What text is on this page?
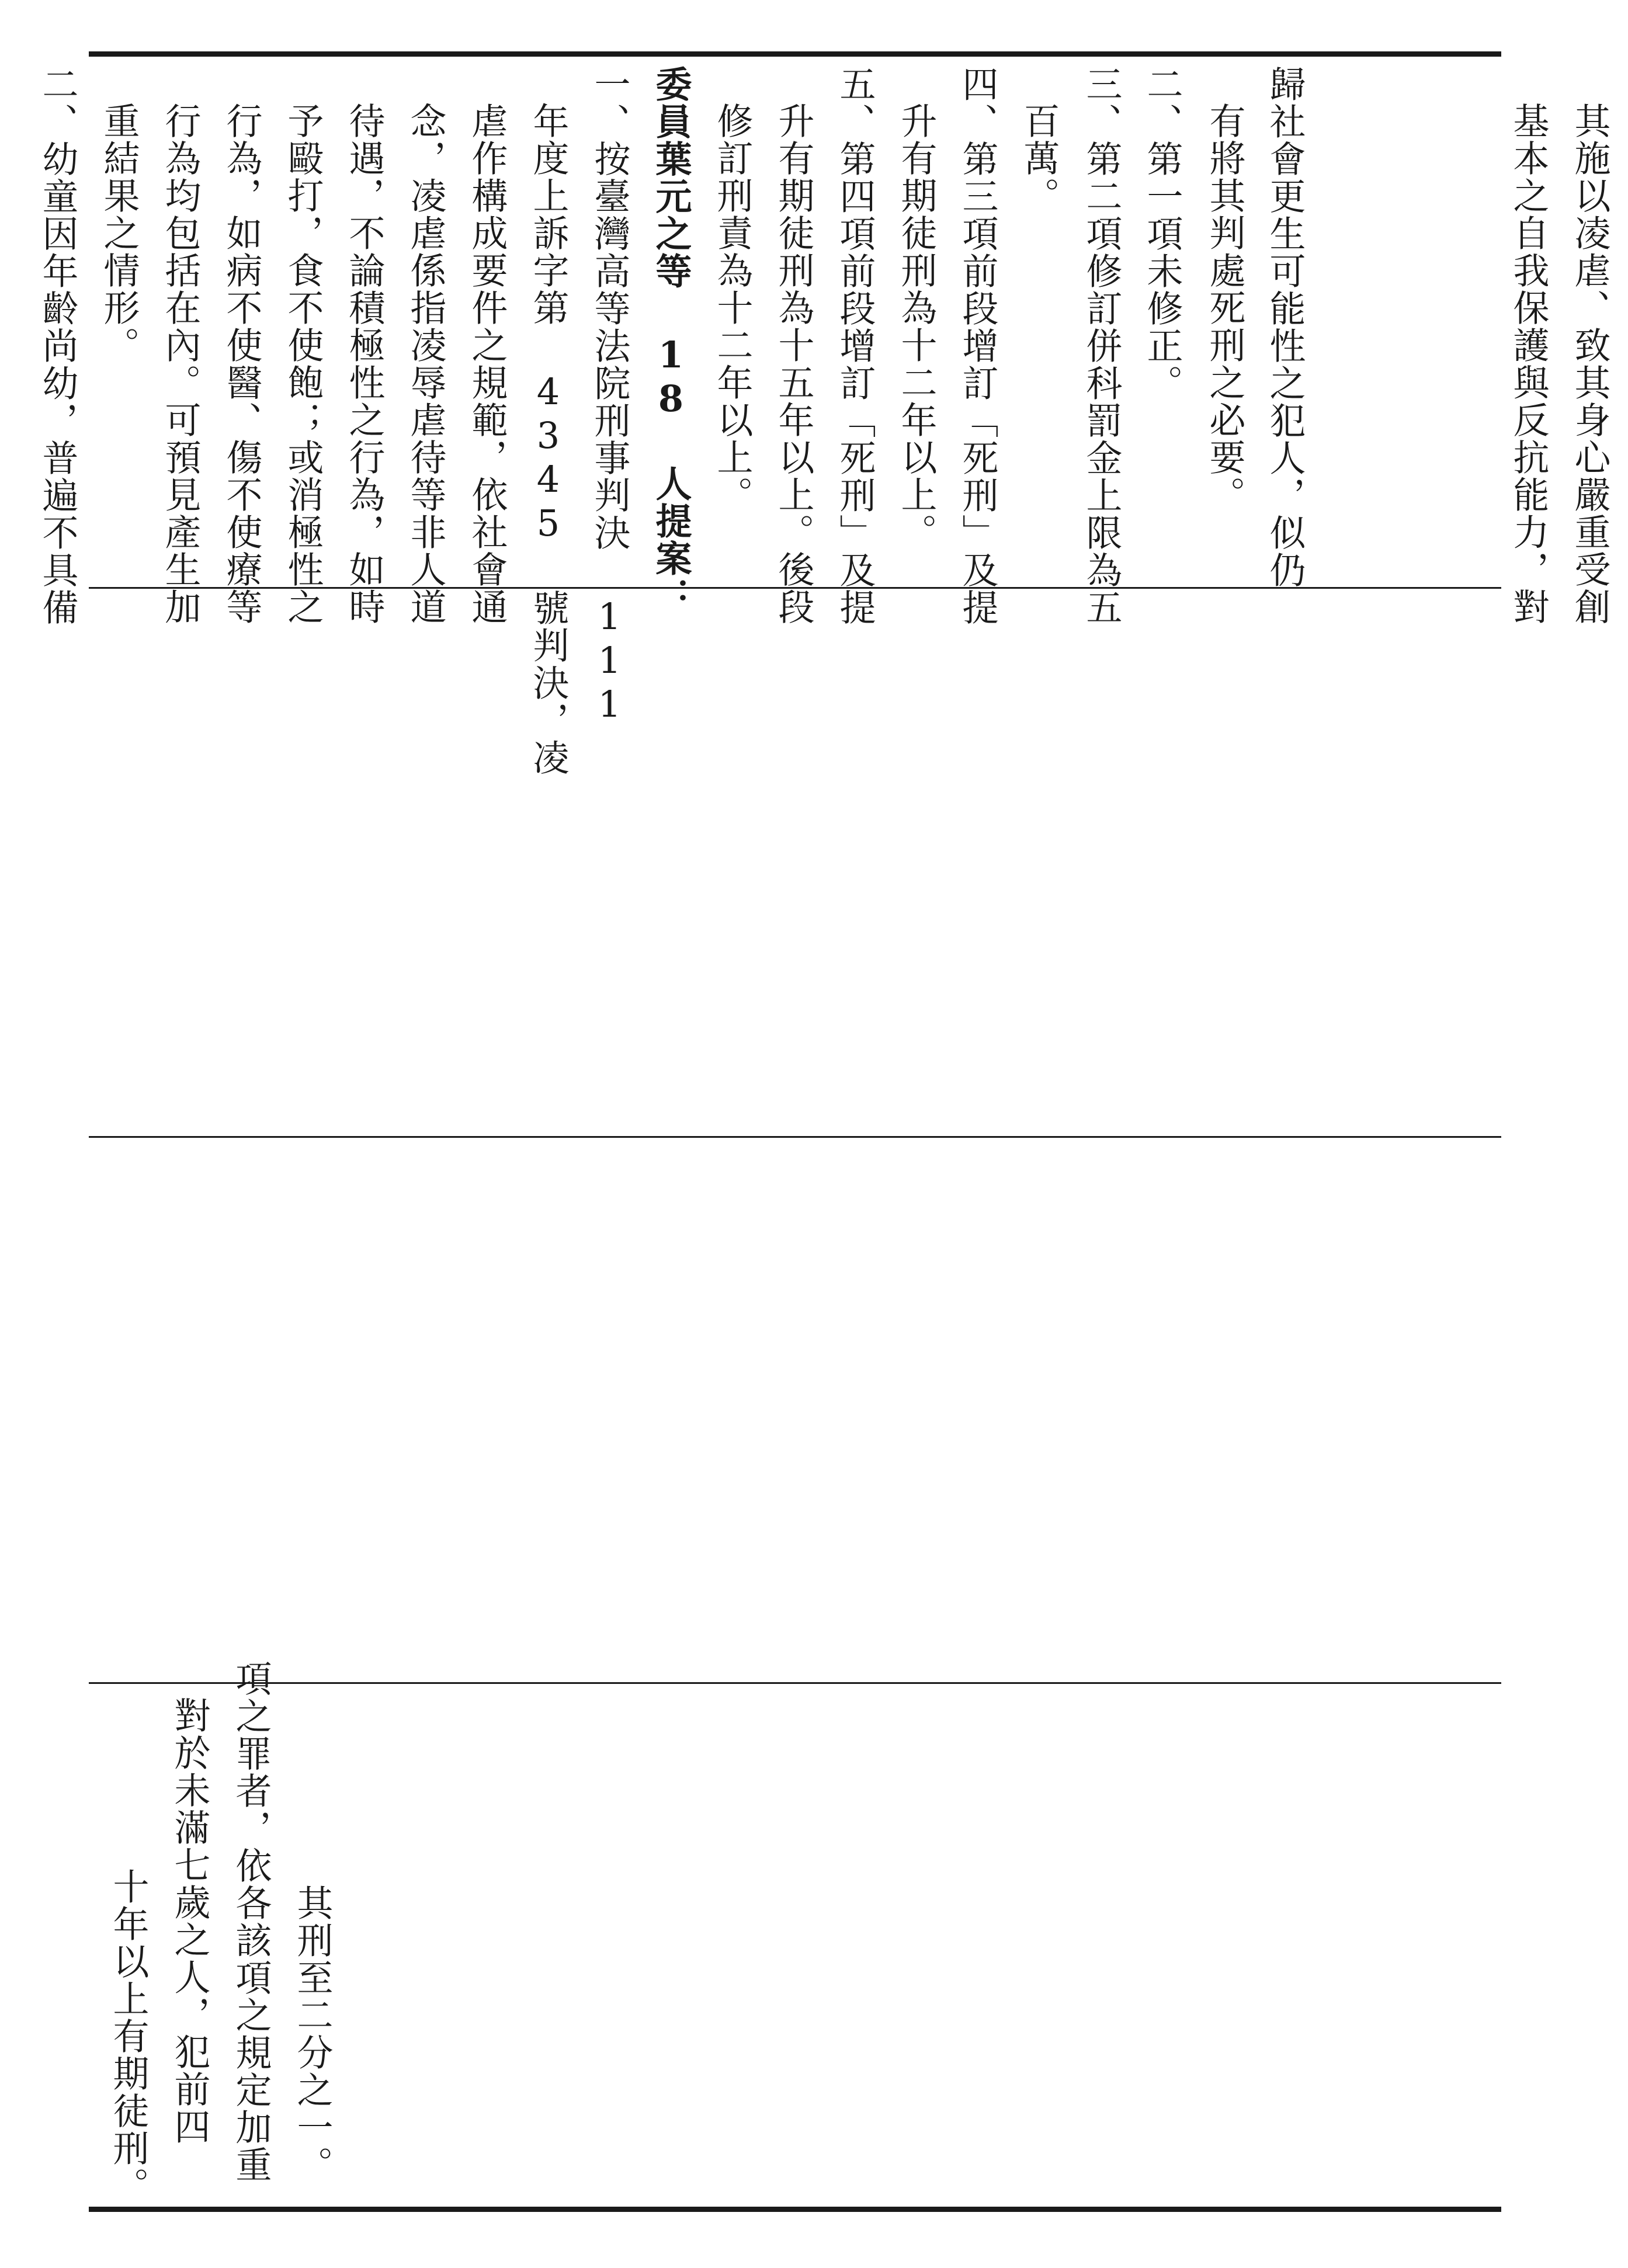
歸社會更生可能性之犯人，似仍
有將其判處死刑之必要。
二、第一項未修正。
三、第二項修訂併科罰金上限為五
百萬。
四、第三項前段增訂「死刑」及提
升有期徒刑為十二年以上。
五、第四項前段增訂「死刑」及提
升有期徒刑為十五年以上。後段
修訂刑責為十二年以上。
委員葉元之等 18 人提案：
一、按臺灣高等法院刑事判決 111
年度上訴字第 4345 號判決，凌
虐作構成要件之規範，依社會通
念，凌虐係指凌辱虐待等非人道
待遇，不論積極性之行為，如時
予毆打，食不使飽；或消極性之
行為，如病不使醫、傷不使療等
行為均包括在內。可預見產生加
重結果之情形。
二、幼童因年齡尚幼，普遍不具備	基本之自我保護與反抗能力，對 其施以凌虐、致其身心嚴重受創
十年以上有期徒刑。 對於未滿七歲之人，犯前四 項之罪者，依各該項之規定加重 其刑至二分之一。
